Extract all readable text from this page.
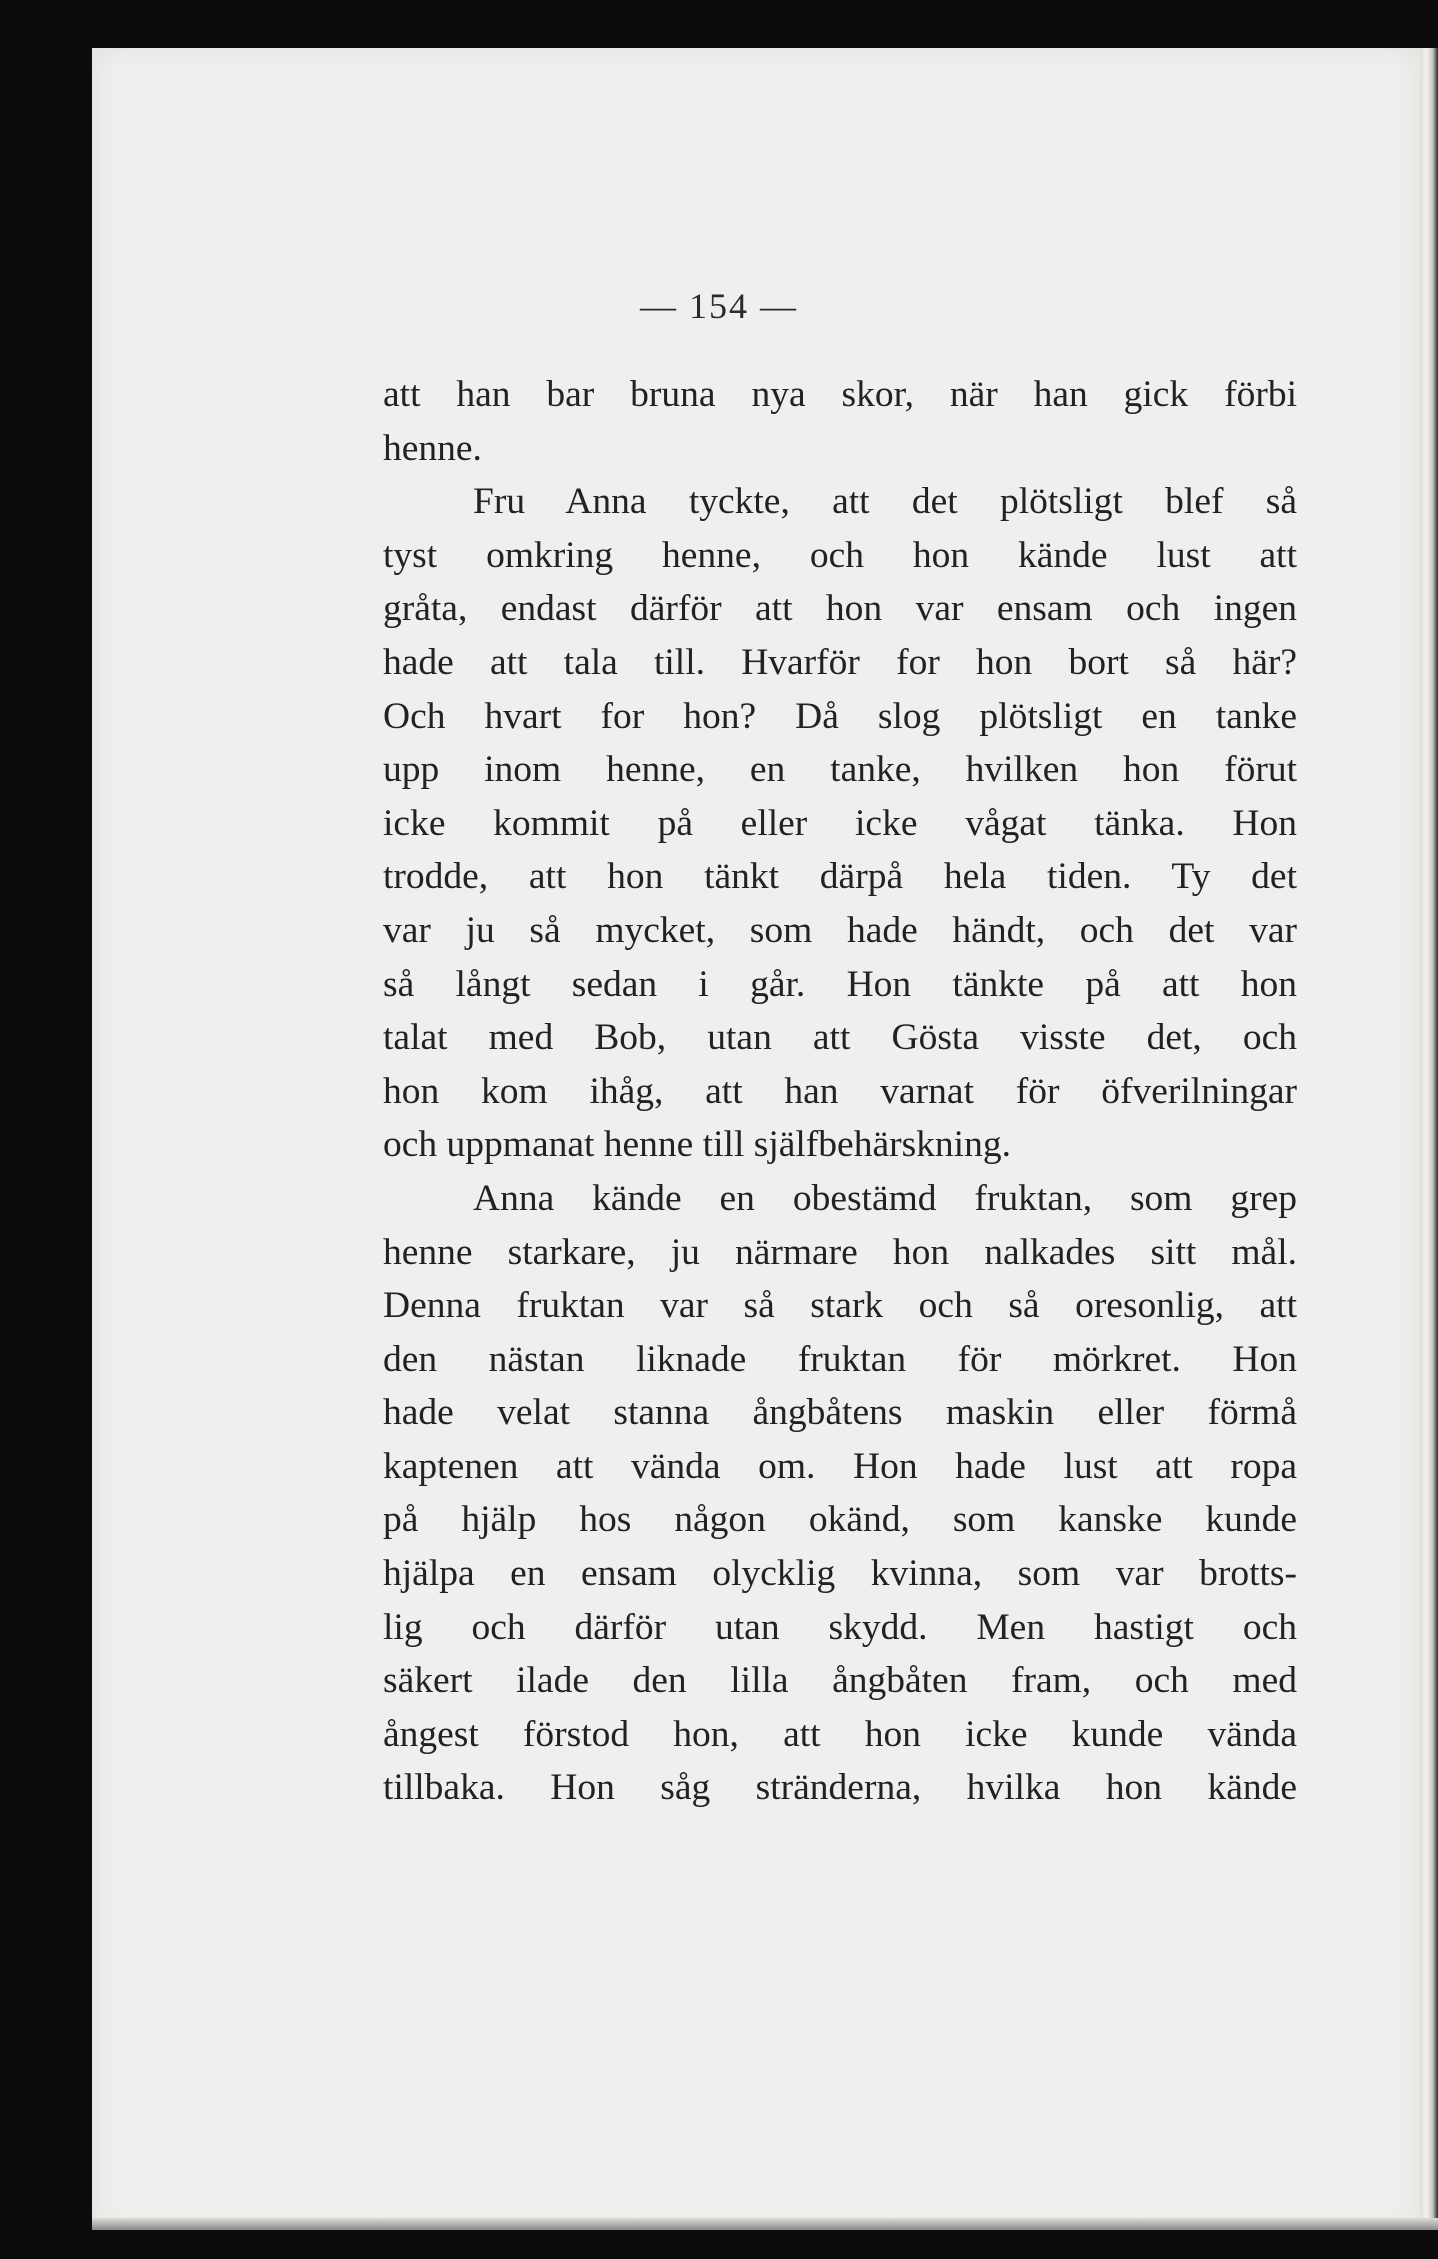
— 154 —
att han bar bruna nya skor, när han gick förbi
henne.
Fru Anna tyckte, att det plötsligt blef så
tyst omkring henne, och hon kände lust att
gråta, endast därför att hon var ensam och ingen
hade att tala till. Hvarför for hon bort så här?
Och hvart for hon? Då slog plötsligt en tanke
upp inom henne, en tanke, hvilken hon förut
icke kommit på eller icke vågat tänka. Hon
trodde, att hon tänkt därpå hela tiden. Ty det
var ju så mycket, som hade händt, och det var
så långt sedan i går. Hon tänkte på att hon
talat med Bob, utan att Gösta visste det, och
hon kom ihåg, att han varnat för öfverilningar
och uppmanat henne till själfbehärskning.
Anna kände en obestämd fruktan, som grep
henne starkare, ju närmare hon nalkades sitt mål.
Denna fruktan var så stark och så oresonlig, att
den nästan liknade fruktan för mörkret. Hon
hade velat stanna ångbåtens maskin eller förmå
kaptenen att vända om. Hon hade lust att ropa
på hjälp hos någon okänd, som kanske kunde
hjälpa en ensam olycklig kvinna, som var brotts-
lig och därför utan skydd. Men hastigt och
säkert ilade den lilla ångbåten fram, och med
ångest förstod hon, att hon icke kunde vända
tillbaka. Hon såg stränderna, hvilka hon kände
